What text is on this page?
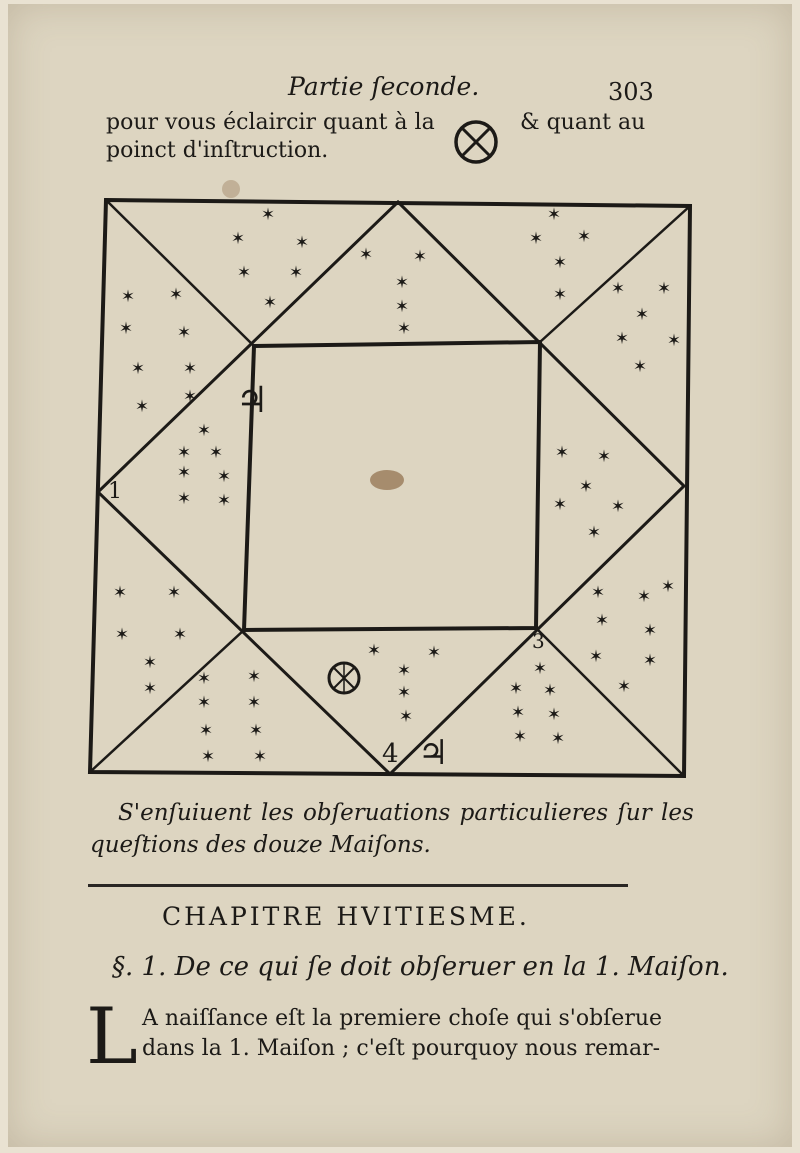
Partie ſeconde.	303
pour vous éclaircir quant à la	& quant au
poinct d'inſtruction.
✶
✶	✶
✶ ✶
✶
✶ ✶
✶
✶
✶
✶
✶ ✶
✶
✶	✶ ✶
✶
✶ ✶
✶
✶ ✶
✶	✶
✶ ✶
✶ ✶
✶
✶ ✶
✶ ✶
✶ ✶
✶ ✶
✶
✶	✶
✶
✶ ✶
✶	✶
✶
✶ ✶ ✶
✶ ✶
✶ ✶
✶ ✶
✶	✶
✶
✶
✶
✶ ✶ ✶
✶ ✶
✶ ✶
✶
✶ ✶
✶ ✶
✶ ✶
✶
♃
♃
4
1
3
S'enſuiuent les obſeruations particulieres ſur les
queſtions des douze Maiſons.
CHAPITRE HVITIESME.
§. 1. De ce qui ſe doit obſeruer en la 1. Maiſon.
L A naiſſance eſt la premiere choſe qui s'obſerue
dans la 1. Maiſon ; c'eſt pourquoy nous remar-
